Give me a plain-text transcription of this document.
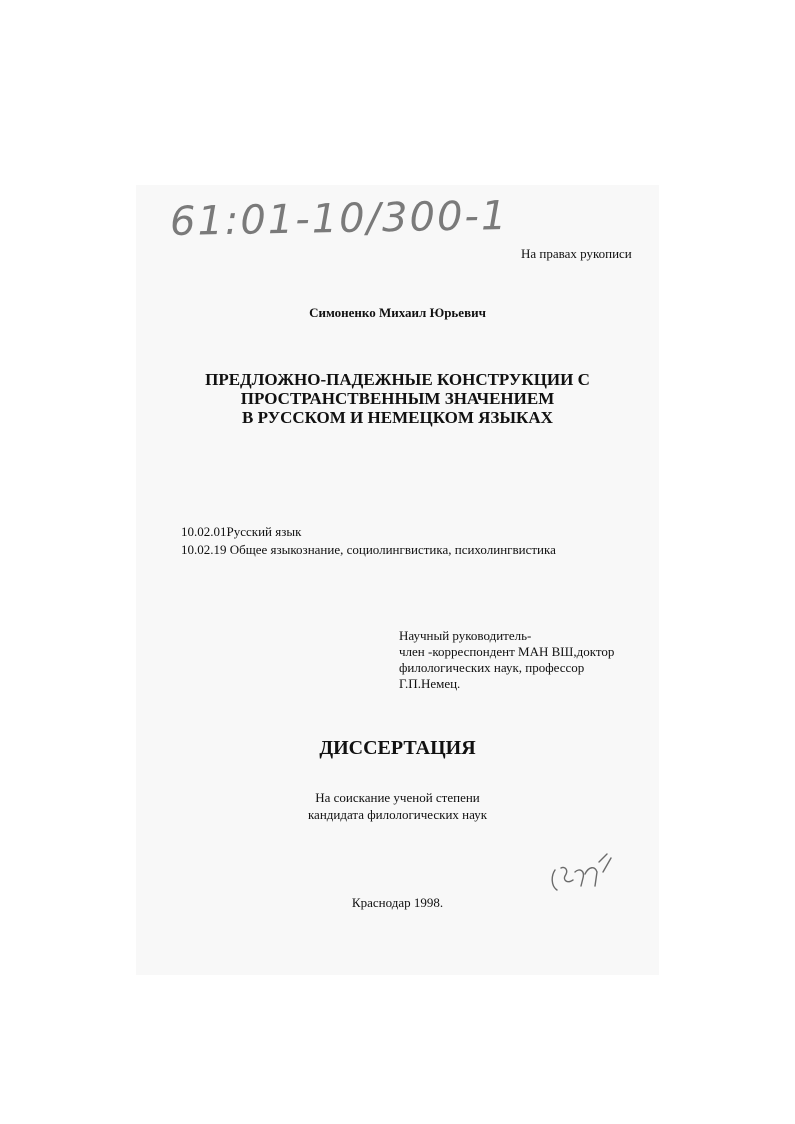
61:01-10/300-1
На правах рукописи
Симоненко Михаил Юрьевич
ПРЕДЛОЖНО-ПАДЕЖНЫЕ КОНСТРУКЦИИ С
ПРОСТРАНСТВЕННЫМ ЗНАЧЕНИЕМ
В РУССКОМ И НЕМЕЦКОМ ЯЗЫКАХ
10.02.01Русский язык
10.02.19 Общее языкознание, социолингвистика, психолингвистика
Научный руководитель-
член -корреспондент МАН ВШ,доктор
филологических наук, профессор
Г.П.Немец.
ДИССЕРТАЦИЯ
На соискание ученой степени
кандидата филологических наук
Краснодар 1998.
